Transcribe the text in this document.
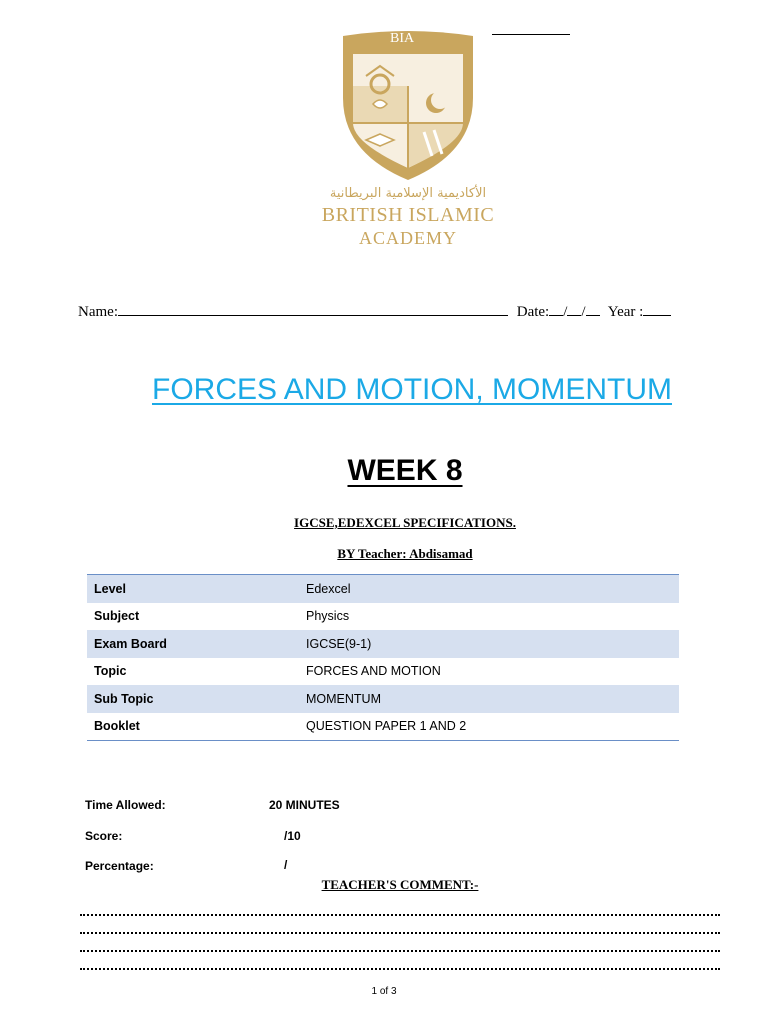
BIA
الأكاديمية الإسلامية البريطانية
BRITISH ISLAMIC
ACADEMY
Name:	Date: / / Year :
FORCES AND MOTION, MOMENTUM
WEEK 8
IGCSE,EDEXCEL SPECIFICATIONS.
BY Teacher: Abdisamad
Level	Edexcel
Subject	Physics
Exam Board	IGCSE(9-1)
Topic	FORCES AND MOTION
Sub Topic	MOMENTUM
Booklet	QUESTION PAPER 1 AND 2
Time Allowed:	20 MINUTES
Score:	/10
Percentage:	/
TEACHER'S COMMENT:-
1 of 3
